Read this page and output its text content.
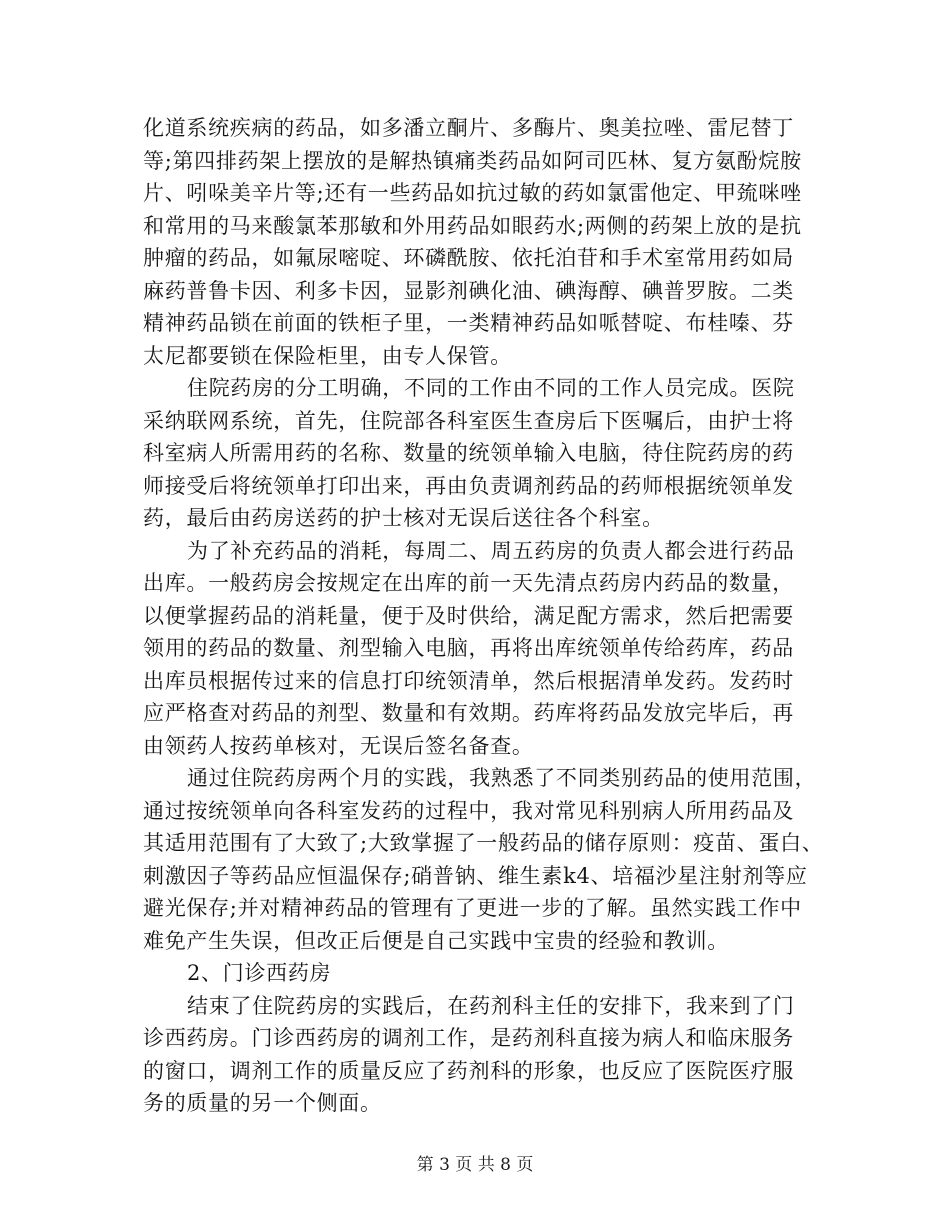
化道系统疾病的药品，如多潘立酮片、多酶片、奥美拉唑、雷尼替丁
等;第四排药架上摆放的是解热镇痛类药品如阿司匹林、复方氨酚烷胺
片、吲哚美辛片等;还有一些药品如抗过敏的药如氯雷他定、甲巯咪唑
和常用的马来酸氯苯那敏和外用药品如眼药水;两侧的药架上放的是抗
肿瘤的药品，如氟尿嘧啶、环磷酰胺、依托泊苷和手术室常用药如局
麻药普鲁卡因、利多卡因，显影剂碘化油、碘海醇、碘普罗胺。二类
精神药品锁在前面的铁柜子里，一类精神药品如哌替啶、布桂嗪、芬
太尼都要锁在保险柜里，由专人保管。
住院药房的分工明确，不同的工作由不同的工作人员完成。医院
采纳联网系统，首先，住院部各科室医生查房后下医嘱后，由护士将
科室病人所需用药的名称、数量的统领单输入电脑，待住院药房的药
师接受后将统领单打印出来，再由负责调剂药品的药师根据统领单发
药，最后由药房送药的护士核对无误后送往各个科室。
为了补充药品的消耗，每周二、周五药房的负责人都会进行药品
出库。一般药房会按规定在出库的前一天先清点药房内药品的数量，
以便掌握药品的消耗量，便于及时供给，满足配方需求，然后把需要
领用的药品的数量、剂型输入电脑，再将出库统领单传给药库，药品
出库员根据传过来的信息打印统领清单，然后根据清单发药。发药时
应严格查对药品的剂型、数量和有效期。药库将药品发放完毕后，再
由领药人按药单核对，无误后签名备查。
通过住院药房两个月的实践，我熟悉了不同类别药品的使用范围，
通过按统领单向各科室发药的过程中，我对常见科别病人所用药品及
其适用范围有了大致了;大致掌握了一般药品的储存原则：疫苗、蛋白、
刺激因子等药品应恒温保存;硝普钠、维生素k4、培福沙星注射剂等应
避光保存;并对精神药品的管理有了更进一步的了解。虽然实践工作中
难免产生失误，但改正后便是自己实践中宝贵的经验和教训。
2、门诊西药房
结束了住院药房的实践后，在药剂科主任的安排下，我来到了门
诊西药房。门诊西药房的调剂工作，是药剂科直接为病人和临床服务
的窗口，调剂工作的质量反应了药剂科的形象，也反应了医院医疗服
务的质量的另一个侧面。
第 3 页 共 8 页
